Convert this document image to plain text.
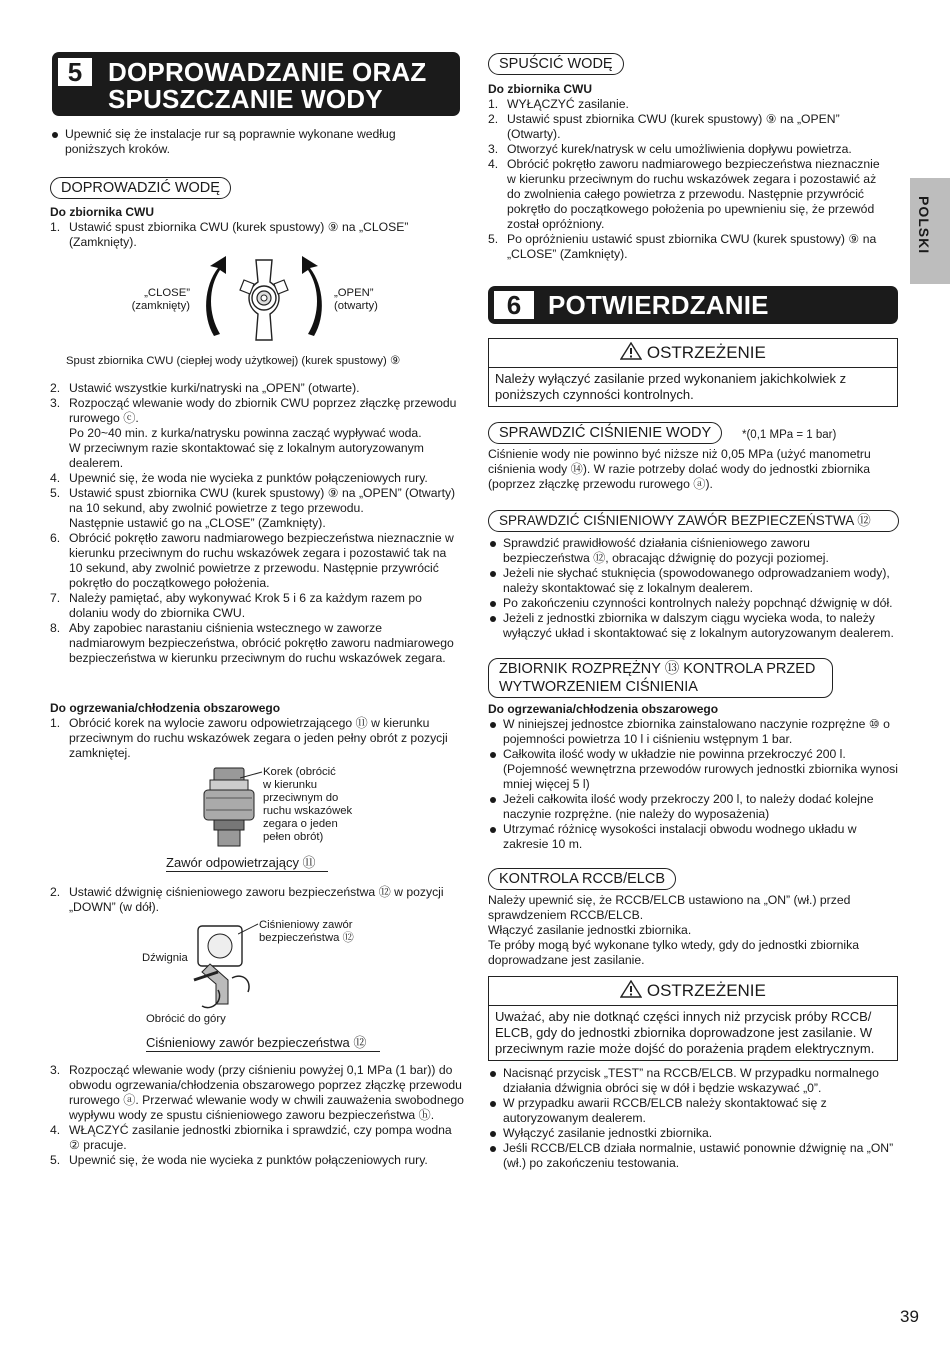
POLSKI
5 DOPROWADZANIE ORAZ
SPUSZCZANIE WODY
Upewnić się że instalacje rur są poprawnie wykonane według poniższych kroków.
DOPROWADZIĆ WODĘ
Do zbiornika CWU
1. Ustawić spust zbiornika CWU (kurek spustowy) ⑨ na „CLOSE” (Zamknięty).
„CLOSE”
(zamknięty)
„OPEN”
(otwarty)
Spust zbiornika CWU (ciepłej wody użytkowej) (kurek spustowy) ⑨
2. Ustawić wszystkie kurki/natryski na „OPEN” (otwarte).
3. Rozpocząć wlewanie wody do zbiornik CWU poprzez złączkę przewodu rurowego ⓒ.
Po 20~40 min. z kurka/natrysku powinna zacząć wypływać woda.
W przeciwnym razie skontaktować się z lokalnym autoryzowanym dealerem.
4. Upewnić się, że woda nie wycieka z punktów połączeniowych rury.
5. Ustawić spust zbiornika CWU (kurek spustowy) ⑨ na „OPEN” (Otwarty) na 10 sekund, aby zwolnić powietrze z tego przewodu.
Następnie ustawić go na „CLOSE” (Zamknięty).
6. Obrócić pokrętło zaworu nadmiarowego bezpieczeństwa nieznacznie w kierunku przeciwnym do ruchu wskazówek zegara i pozostawić tak na 10 sekund, aby zwolnić powietrze z przewodu. Następnie przywrócić pokrętło do początkowego położenia.
7. Należy pamiętać, aby wykonywać Krok 5 i 6 za każdym razem po dolaniu wody do zbiornika CWU.
8. Aby zapobiec narastaniu ciśnienia wstecznego w zaworze nadmiarowym bezpieczeństwa, obrócić pokrętło zaworu nadmiarowego bezpieczeństwa w kierunku przeciwnym do ruchu wskazówek zegara.
Do ogrzewania/chłodzenia obszarowego
1. Obrócić korek na wylocie zaworu odpowietrzającego ⑪ w kierunku przeciwnym do ruchu wskazówek zegara o jeden pełny obrót z pozycji zamkniętej.
Korek (obrócić
w kierunku
przeciwnym do
ruchu wskazówek
zegara o jeden
pełen obrót)
Zawór odpowietrzający ⑪
2. Ustawić dźwignię ciśnieniowego zaworu bezpieczeństwa ⑫ w pozycji „DOWN” (w dół).
Ciśnieniowy zawór
bezpieczeństwa ⑫
Dźwignia
Obrócić do góry
Ciśnieniowy zawór bezpieczeństwa ⑫
3. Rozpocząć wlewanie wody (przy ciśnieniu powyżej 0,1 MPa (1 bar)) do obwodu ogrzewania/chłodzenia obszarowego poprzez złączkę przewodu rurowego ⓐ. Przerwać wlewanie wody w chwili zauważenia swobodnego wypływu wody ze spustu ciśnieniowego zaworu bezpieczeństwa ⓗ.
4. WŁĄCZYĆ zasilanie jednostki zbiornika i sprawdzić, czy pompa wodna ② pracuje.
5. Upewnić się, że woda nie wycieka z punktów połączeniowych rury.
SPUŚCIĆ WODĘ
Do zbiornika CWU
1. WYŁĄCZYĆ zasilanie.
2. Ustawić spust zbiornika CWU (kurek spustowy) ⑨ na „OPEN” (Otwarty).
3. Otworzyć kurek/natrysk w celu umożliwienia dopływu powietrza.
4. Obrócić pokrętło zaworu nadmiarowego bezpieczeństwa nieznacznie w kierunku przeciwnym do ruchu wskazówek zegara i pozostawić aż do zwolnienia całego powietrza z przewodu. Następnie przywrócić pokrętło do początkowego położenia po upewnieniu się, że przewód został opróżniony.
5. Po opróżnieniu ustawić spust zbiornika CWU (kurek spustowy) ⑨ na „CLOSE” (Zamknięty).
6	POTWIERDZANIE
OSTRZEŻENIE
Należy wyłączyć zasilanie przed wykonaniem jakichkolwiek z poniższych czynności kontrolnych.
SPRAWDZIĆ CIŚNIENIE WODY	*(0,1 MPa = 1 bar)
Ciśnienie wody nie powinno być niższe niż 0,05 MPa (użyć manometru ciśnienia wody ⑭). W razie potrzeby dolać wody do jednostki zbiornika (poprzez złączkę przewodu rurowego ⓐ).
SPRAWDZIĆ CIŚNIENIOWY ZAWÓR BEZPIECZEŃSTWA ⑫
Sprawdzić prawidłowość działania ciśnieniowego zaworu bezpieczeństwa ⑫, obracając dźwignię do pozycji poziomej.
Jeżeli nie słychać stuknięcia (spowodowanego odprowadzaniem wody), należy skontaktować się z lokalnym dealerem.
Po zakończeniu czynności kontrolnych należy popchnąć dźwignię w dół.
Jeżeli z jednostki zbiornika w dalszym ciągu wycieka woda, to należy wyłączyć układ i skontaktować się z lokalnym autoryzowanym dealerem.
ZBIORNIK ROZPRĘŻNY ⑬ KONTROLA PRZED
WYTWORZENIEM CIŚNIENIA
Do ogrzewania/chłodzenia obszarowego
W niniejszej jednostce zbiornika zainstalowano naczynie rozprężne ⑩ o pojemności powietrza 10 l i ciśnieniu wstępnym 1 bar.
Całkowita ilość wody w układzie nie powinna przekroczyć 200 l. (Pojemność wewnętrzna przewodów rurowych jednostki zbiornika wynosi mniej więcej 5 l)
Jeżeli całkowita ilość wody przekroczy 200 l, to należy dodać kolejne naczynie rozprężne. (nie należy do wyposażenia)
Utrzymać różnicę wysokości instalacji obwodu wodnego układu w zakresie 10 m.
KONTROLA RCCB/ELCB
Należy upewnić się, że RCCB/ELCB ustawiono na „ON” (wł.) przed sprawdzeniem RCCB/ELCB.
Włączyć zasilanie jednostki zbiornika.
Te próby mogą być wykonane tylko wtedy, gdy do jednostki zbiornika doprowadzane jest zasilanie.
OSTRZEŻENIE
Uważać, aby nie dotknąć części innych niż przycisk próby RCCB/ ELCB, gdy do jednostki zbiornika doprowadzone jest zasilanie. W przeciwnym razie może dojść do porażenia prądem elektrycznym.
Nacisnąć przycisk „TEST” na RCCB/ELCB. W przypadku normalnego działania dźwignia obróci się w dół i będzie wskazywać „0”.
W przypadku awarii RCCB/ELCB należy skontaktować się z autoryzowanym dealerem.
Wyłączyć zasilanie jednostki zbiornika.
Jeśli RCCB/ELCB działa normalnie, ustawić ponownie dźwignię na „ON” (wł.) po zakończeniu testowania.
39
